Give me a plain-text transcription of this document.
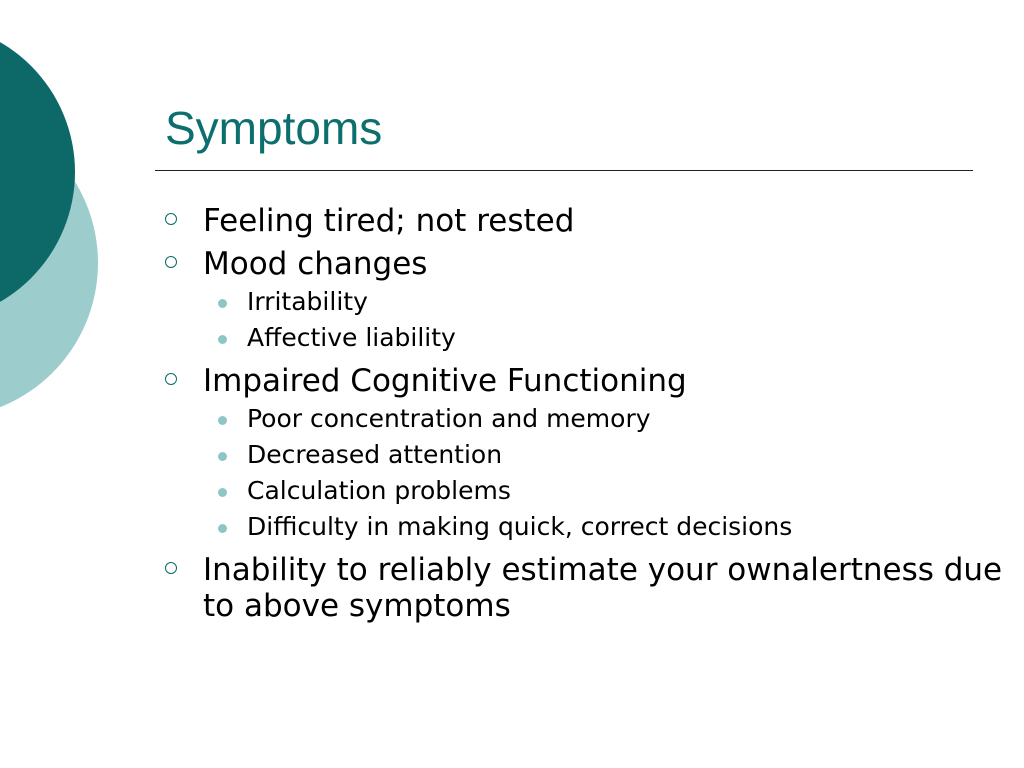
Symptoms
Feeling tired; not rested
Mood changes
Irritability
Affective liability
Impaired Cognitive Functioning
Poor concentration and memory
Decreased attention
Calculation problems
Difficulty in making quick, correct decisions
Inability to reliably estimate your ownalertness due to above symptoms
